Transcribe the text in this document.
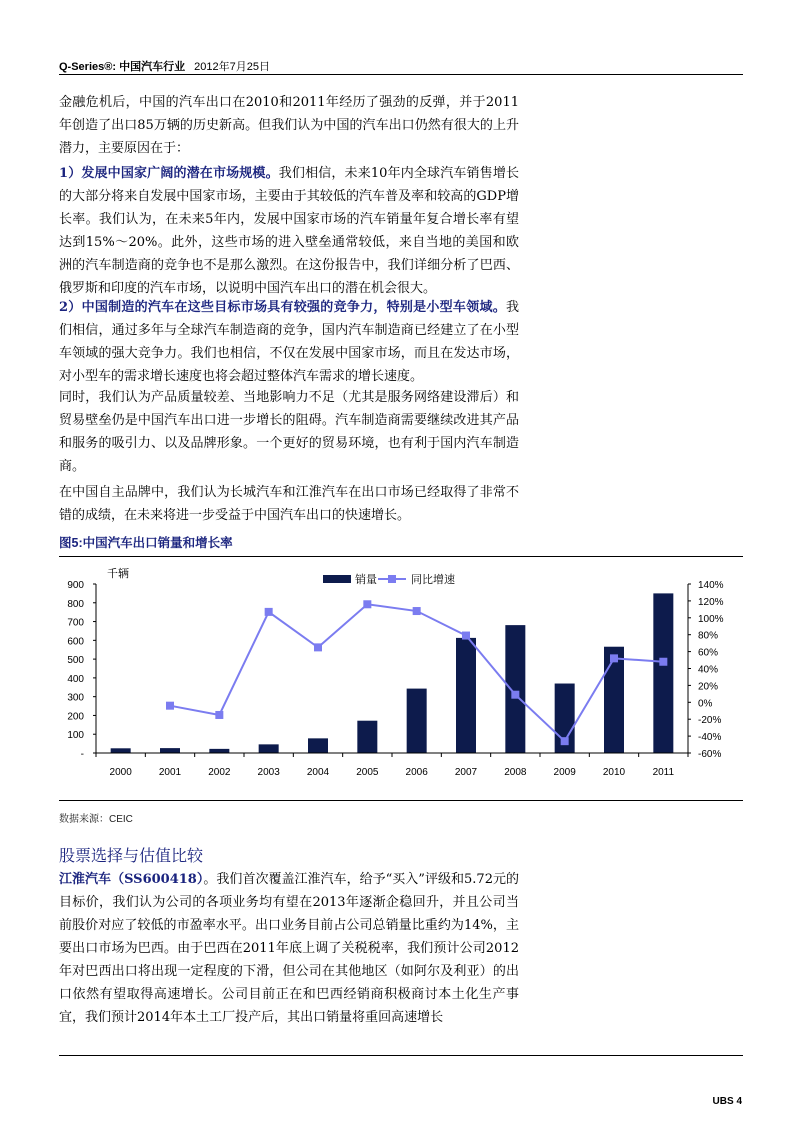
Q-Series®: 中国汽车行业 2012年7月25日

金融危机后，中国的汽车出口在2010和2011年经历了强劲的反弹，并于2011年创造了出口85万辆的历史新高。但我们认为中国的汽车出口仍然有很大的上升潜力，主要原因在于：

1）发展中国家广阔的潜在市场规模。我们相信，未来10年内全球汽车销售增长的大部分将来自发展中国家市场，主要由于其较低的汽车普及率和较高的GDP增长率。我们认为，在未来5年内，发展中国家市场的汽车销量年复合增长率有望达到15%～20%。此外，这些市场的进入壁垒通常较低，来自当地的美国和欧洲的汽车制造商的竞争也不是那么激烈。在这份报告中，我们详细分析了巴西、俄罗斯和印度的汽车市场，以说明中国汽车出口的潜在机会很大。

2）中国制造的汽车在这些目标市场具有较强的竞争力，特别是小型车领域。我们相信，通过多年与全球汽车制造商的竞争，国内汽车制造商已经建立了在小型车领域的强大竞争力。我们也相信，不仅在发展中国家市场，而且在发达市场，对小型车的需求增长速度也将会超过整体汽车需求的增长速度。

同时，我们认为产品质量较差、当地影响力不足（尤其是服务网络建设滞后）和贸易壁垒仍是中国汽车出口进一步增长的阻碍。汽车制造商需要继续改进其产品和服务的吸引力、以及品牌形象。一个更好的贸易环境，也有利于国内汽车制造商。

在中国自主品牌中，我们认为长城汽车和江淮汽车在出口市场已经取得了非常不错的成绩，在未来将进一步受益于中国汽车出口的快速增长。

图5:中国汽车出口销量和增长率
千辆	销量	同比增速
-
100
200
300
400
500
600
700
800
900
-60%
-40%
-20%
0%
20%
40%
60%
80%
100%
120%
140%
2000	2001	2002	2003	2004	2005	2006	2007	2008	2009	2010	2011
数据来源：CEIC
股票选择与估值比较

江淮汽车（SS600418）。我们首次覆盖江淮汽车，给予“买入”评级和5.72元的目标价，我们认为公司的各项业务均有望在2013年逐渐企稳回升，并且公司当前股价对应了较低的市盈率水平。出口业务目前占公司总销量比重约为14%，主要出口市场为巴西。由于巴西在2011年底上调了关税税率，我们预计公司2012年对巴西出口将出现一定程度的下滑，但公司在其他地区（如阿尔及利亚）的出口依然有望取得高速增长。公司目前正在和巴西经销商积极商讨本土化生产事宜，我们预计2014年本土工厂投产后，其出口销量将重回高速增长

UBS 4
